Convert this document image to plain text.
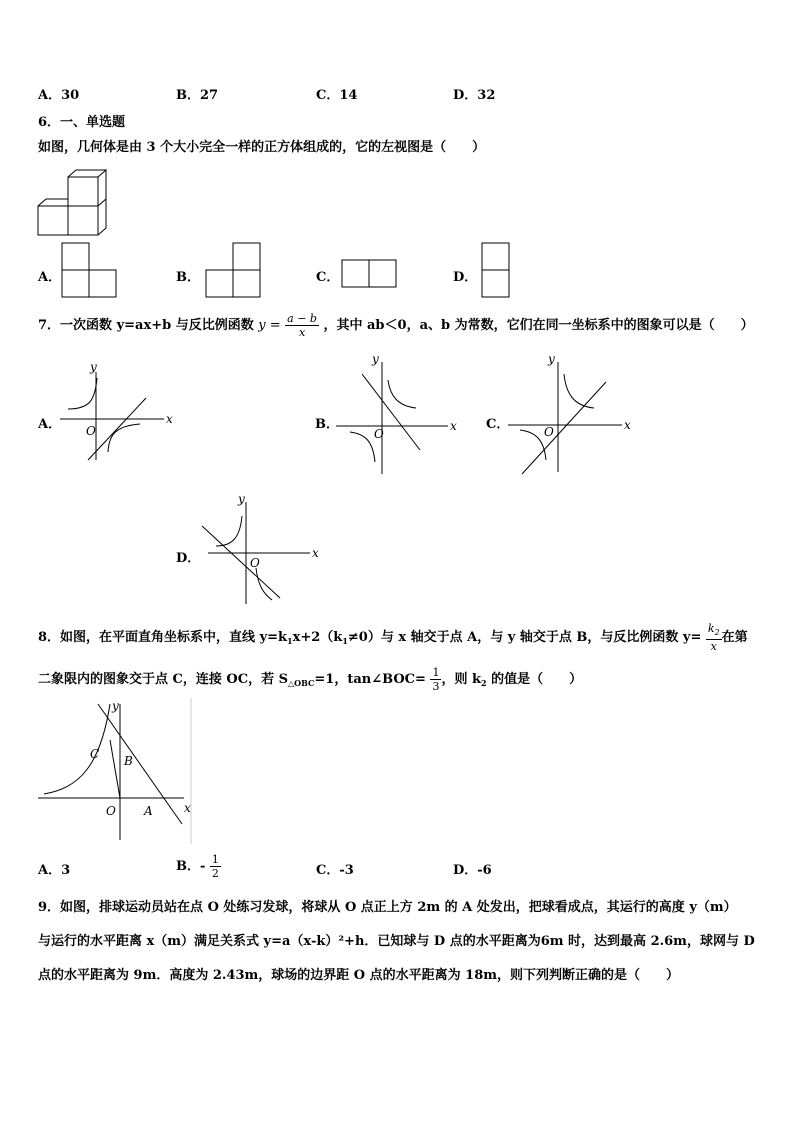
A．30	B．27	C．14	D．32
6．一、单选题
如图，几何体是由 3 个大小完全一样的正方体组成的，它的左视图是（　　）
A．	B．	C．	D．
7．一次函数 y=ax+b 与反比例函数 $y = \frac{a - b}{x}$ ，其中 ab＜0，a、b 为常数，它们在同一坐标系中的图象可以是（　　）
A．	x
y
O	B．	x
y
O
C．	x
y
O
D．	x
y
O
8．如图，在平面直角坐标系中，直线 $y=k_1x+2(k_1\ne 0)$与 x 轴交于点 A，与 y 轴交于点 B，与反比例函数 $y= \frac{k_2}{x}$ 在第
二象限内的图象交于点 C，连接 OC，若 $S_{\triangle OBC}=1$，tan∠BOC= $\frac{1}{3}$ ，则 $k_2$ 的值是（　　）
y
x
C B
O A
A．3	B．- $\frac{1}{2}$	C．-3	D．-6
9．如图，排球运动员站在点 O 处练习发球，将球从 O 点正上方 2m 的 A 处发出，把球看成点，其运行的高度 y（m）
与运行的水平距离 x（m）满足关系式 y=a（x-k）²+h．已知球与 D 点的水平距离为6m 时，达到最高 2.6m，球网与 D
点的水平距离为 9m．高度为 2.43m，球场的边界距 O 点的水平距离为 18m，则下列判断正确的是（　　）
